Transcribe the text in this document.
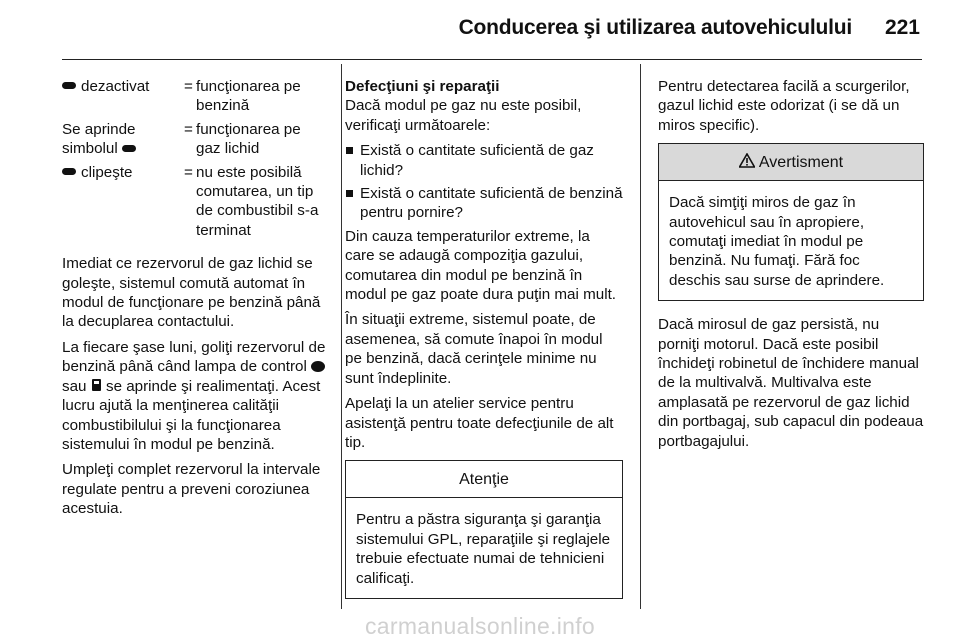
Conducerea şi utilizarea autovehiculului 221
dezactivat	= funcţionarea pe benzină
Se aprinde simbolul
= funcţionarea pe gaz lichid
clipeşte	= nu este posibilă comutarea, un tip de combustibil s-a terminat

Imediat ce rezervorul de gaz lichid se goleşte, sistemul comută automat în modul de funcţionare pe benzină până la decuplarea contactului.

La fiecare şase luni, goliţi rezervorul de benzină până când lampa de control  sau se aprinde şi realimentaţi. Acest lucru ajută la menţinerea calităţii combustibilului şi la funcţionarea sistemului în modul pe benzină.

Umpleţi complet rezervorul la intervale regulate pentru a preveni coroziunea acestuia.

Defecţiuni şi reparaţii

Dacă modul pe gaz nu este posibil, verificaţi următoarele:

Există o cantitate suficientă de gaz lichid?
Există o cantitate suficientă de benzină pentru pornire?

Din cauza temperaturilor extreme, la care se adaugă compoziţia gazului, comutarea din modul pe benzină în modul pe gaz poate dura puţin mai mult.

În situaţii extreme, sistemul poate, de asemenea, să comute înapoi în modul pe benzină, dacă cerinţele minime nu sunt îndeplinite.

Apelaţi la un atelier service pentru asistenţă pentru toate defecţiunile de alt tip.

Atenţie
Pentru a păstra siguranţa şi garanţia sistemului GPL, reparaţiile şi reglajele trebuie efectuate numai de tehnicieni calificaţi.

Pentru detectarea facilă a scurgerilor, gazul lichid este odorizat (i se dă un miros specific).

Avertisment
Dacă simţiţi miros de gaz în autovehicul sau în apropiere, comutaţi imediat în modul pe benzină. Nu fumaţi. Fără foc deschis sau surse de aprindere.

Dacă mirosul de gaz persistă, nu porniţi motorul. Dacă este posibil închideţi robinetul de închidere manual de la multivalvă. Multivalva este amplasată pe rezervorul de gaz lichid din portbagaj, sub capacul din podeaua portbagajului.

carmanualsonline.info
